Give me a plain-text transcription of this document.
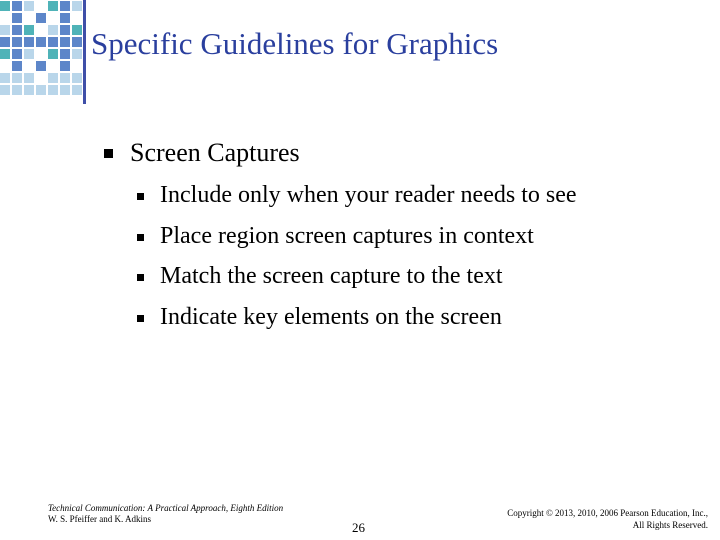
Specific Guidelines for Graphics
Screen Captures
Include only when your reader needs to see
Place region screen captures in context
Match the screen capture to the text
Indicate key elements on the screen
Technical Communication: A Practical Approach, Eighth Edition
W. S. Pfeiffer and K. Adkins
26
Copyright © 2013, 2010, 2006 Pearson Education, Inc.,
All Rights Reserved.
